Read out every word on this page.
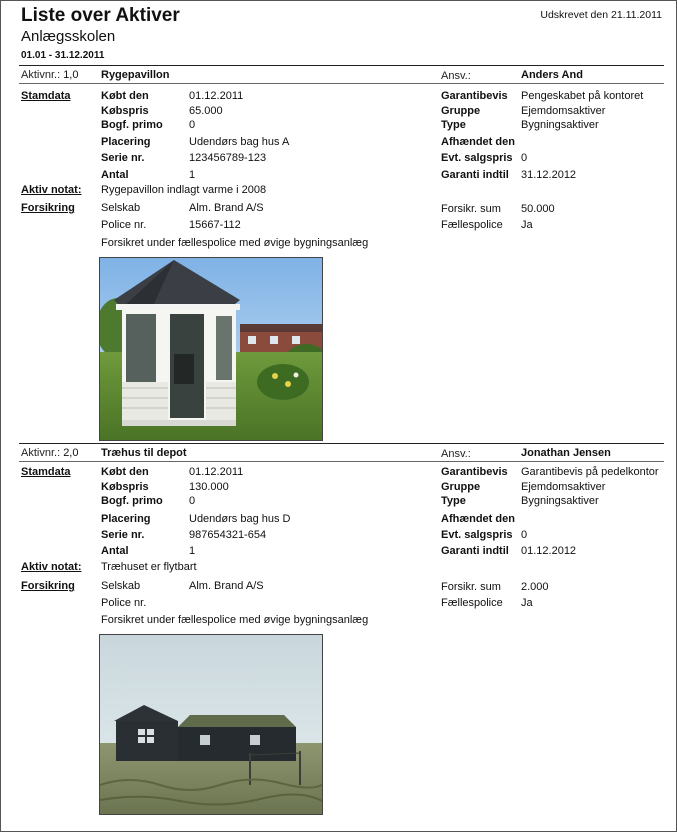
Liste over Aktiver
Anlægsskolen
01.01 - 31.12.2011
Udskrevet den 21.11.2011
Aktivnr.: 1,0 Rygepavillon	Ansv.:	Anders And
Stamdata	Købt den	01.12.2011
Købspris	65.000
Bogf. primo 0
Placering	Udendørs bag hus A
Serie nr.	123456789-123
Antal	1
Garantibevis Pengeskabet på kontoret
Gruppe	Ejemdomsaktiver
Type	Bygningsaktiver
Afhændet den
Evt. salgspris 0
Garanti indtil 31.12.2012
Aktiv notat: Rygepavillon indlagt varme i 2008
Forsikring Selskab	Alm. Brand A/S
Police nr.	15667-112
Forsikr. sum 50.000
Fællespolice Ja
Forsikret under fællespolice med øvige bygningsanlæg
Aktivnr.: 2,0 Træhus til depot	Ansv.:	Jonathan Jensen
Stamdata	Købt den	01.12.2011
Købspris	130.000
Bogf. primo 0
Placering	Udendørs bag hus D
Serie nr.	987654321-654
Antal	1
Garantibevis Garantibevis på pedelkontor
Gruppe	Ejemdomsaktiver
Type	Bygningsaktiver
Afhændet den
Evt. salgspris 0
Garanti indtil 01.12.2012
Aktiv notat: Træhuset er flytbart
Forsikring Selskab	Alm. Brand A/S
Police nr.
Forsikr. sum 2.000
Fællespolice Ja
Forsikret under fællespolice med øvige bygningsanlæg
